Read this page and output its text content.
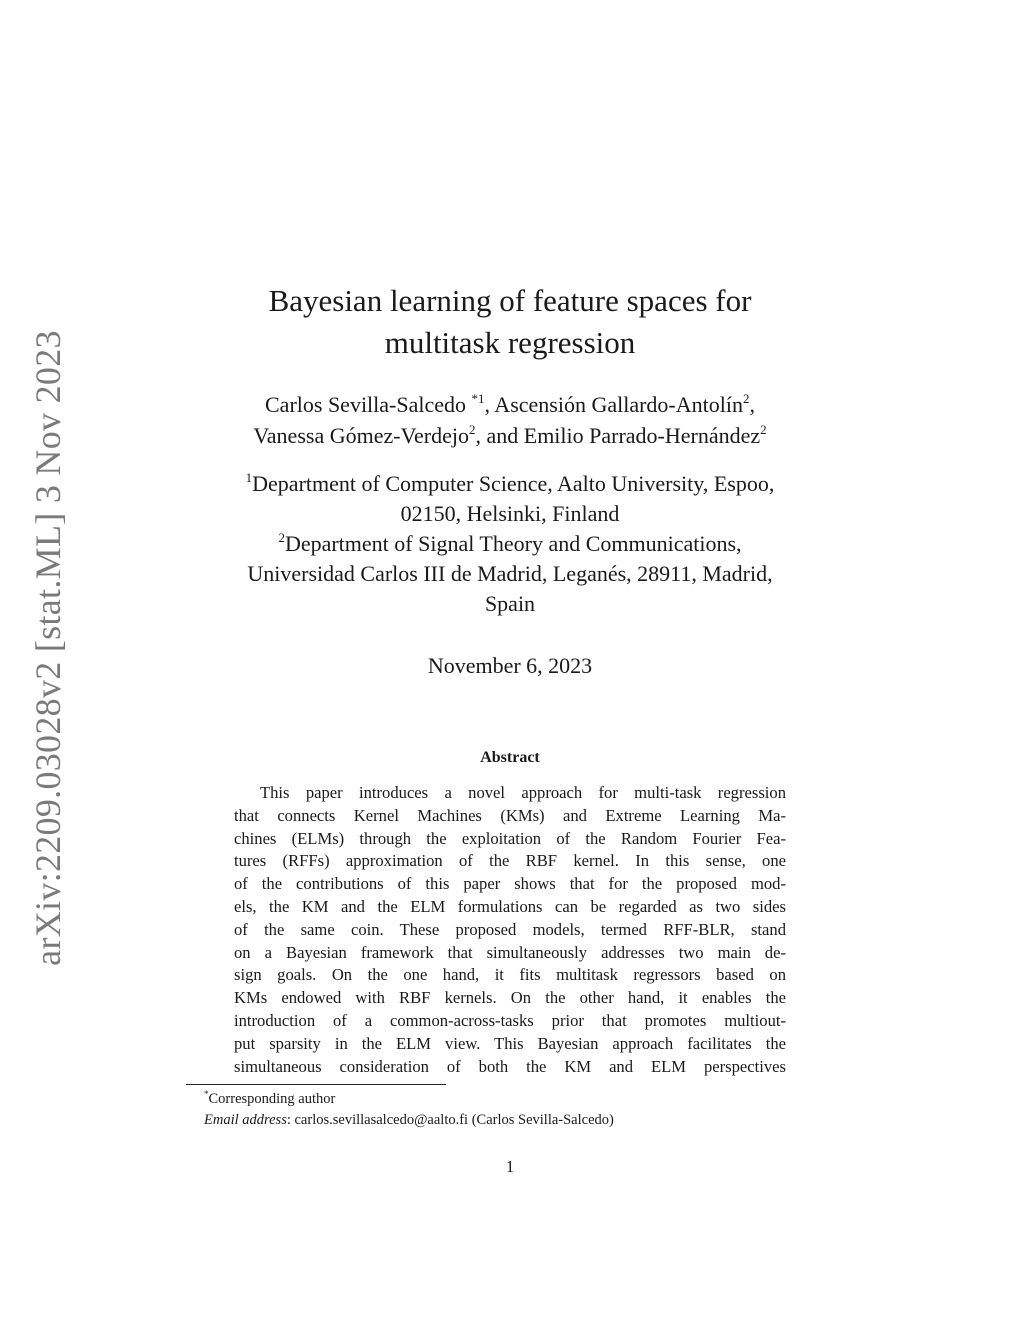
arXiv:2209.03028v2 [stat.ML] 3 Nov 2023
Bayesian learning of feature spaces for
multitask regression
Carlos Sevilla-Salcedo $^{*1}$, Ascensión Gallardo-Antolín$^2$,
Vanessa Gómez-Verdejo$^2$, and Emilio Parrado-Hernández$^2$
$^1$Department of Computer Science, Aalto University, Espoo,
02150, Helsinki, Finland
$^2$Department of Signal Theory and Communications,
Universidad Carlos III de Madrid, Leganés, 28911, Madrid,
Spain
November 6, 2023
Abstract
This paper introduces a novel approach for multi-task regression
that connects Kernel Machines (KMs) and Extreme Learning Ma-
chines (ELMs) through the exploitation of the Random Fourier Fea-
tures (RFFs) approximation of the RBF kernel. In this sense, one
of the contributions of this paper shows that for the proposed mod-
els, the KM and the ELM formulations can be regarded as two sides
of the same coin. These proposed models, termed RFF-BLR, stand
on a Bayesian framework that simultaneously addresses two main de-
sign goals. On the one hand, it fits multitask regressors based on
KMs endowed with RBF kernels. On the other hand, it enables the
introduction of a common-across-tasks prior that promotes multiout-
put sparsity in the ELM view. This Bayesian approach facilitates the
simultaneous consideration of both the KM and ELM perspectives
*Corresponding author
Email address: carlos.sevillasalcedo@aalto.fi (Carlos Sevilla-Salcedo)
1
